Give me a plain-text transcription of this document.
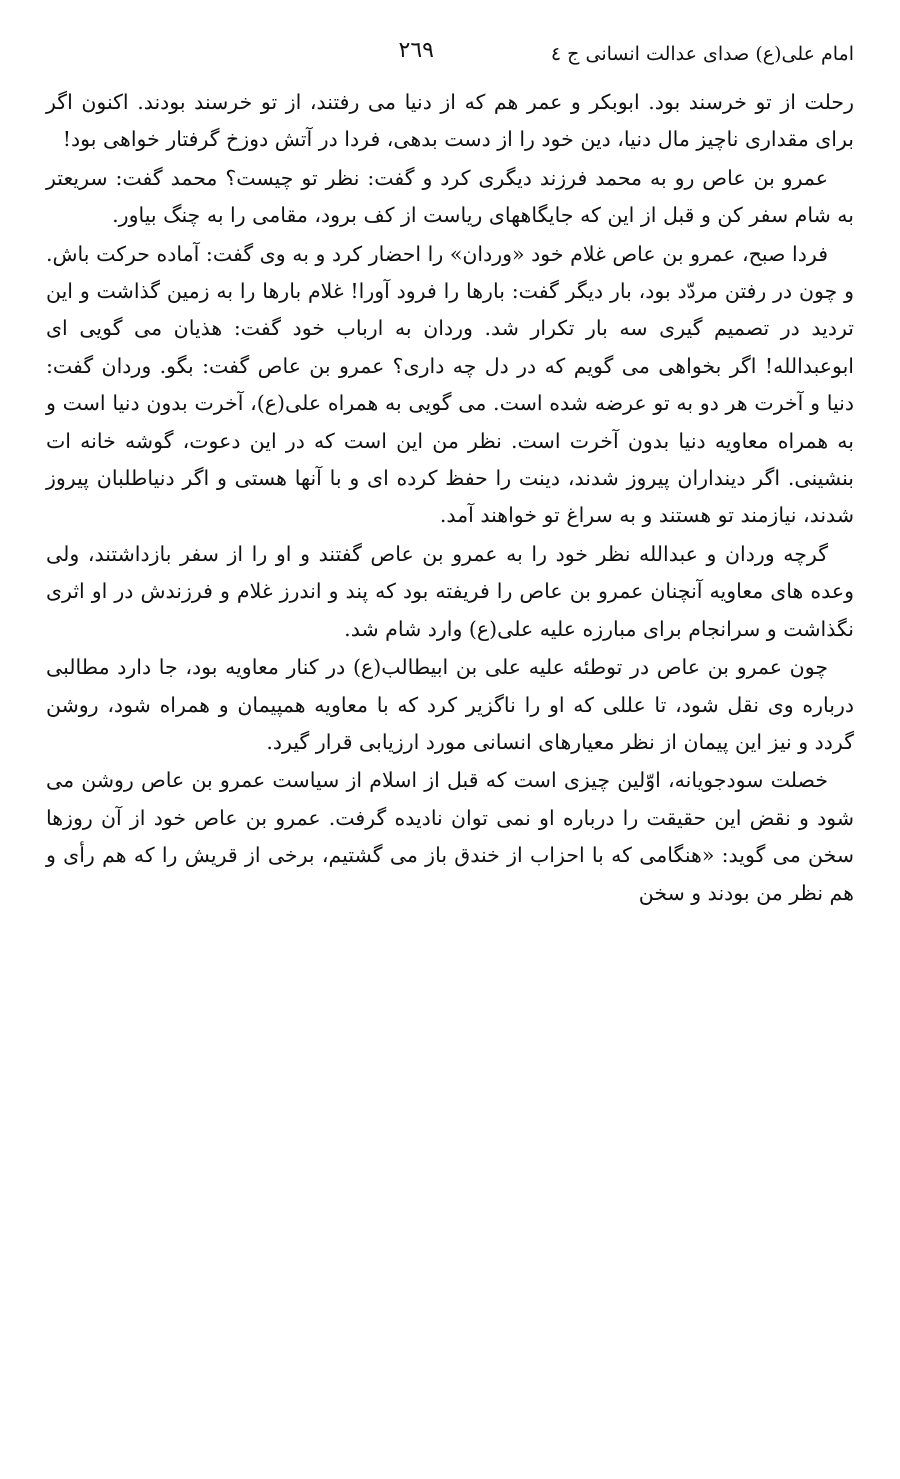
امام علی(ع) صدای عدالت انسانی ج ٤
٢٦٩

رحلت از تو خرسند بود. ابوبکر و عمر هم که از دنیا می رفتند، از تو خرسند بودند. اکنون اگر برای مقداری ناچیز مال دنیا، دین خود را از دست بدهی، فردا در آتش دوزخ گرفتار خواهی بود!

عمرو بن عاص رو به محمد فرزند دیگری کرد و گفت: نظر تو چیست؟ محمد گفت: سریعتر به شام سفر کن و قبل از این که جایگاههای ریاست از کف برود، مقامی را به چنگ بیاور.

فردا صبح، عمرو بن عاص غلام خود «وردان» را احضار کرد و به وی گفت: آماده حرکت باش. و چون در رفتن مردّد بود، بار دیگر گفت: بارها را فرود آورا! غلام بارها را به زمین گذاشت و این تردید در تصمیم گیری سه بار تکرار شد. وردان به ارباب خود گفت: هذیان می گویی ای ابوعبدالله! اگر بخواهی می گویم که در دل چه داری؟ عمرو بن عاص گفت: بگو. وردان گفت: دنیا و آخرت هر دو به تو عرضه شده است. می گویی به همراه علی(ع)، آخرت بدون دنیا است و به همراه معاویه دنیا بدون آخرت است. نظر من این است که در این دعوت، گوشه خانه ات بنشینی. اگر دینداران پیروز شدند، دینت را حفظ کرده ای و با آنها هستی و اگر دنیاطلبان پیروز شدند، نیازمند تو هستند و به سراغ تو خواهند آمد.

گرچه وردان و عبدالله نظر خود را به عمرو بن عاص گفتند و او را از سفر بازداشتند، ولی وعده های معاویه آنچنان عمرو بن عاص را فریفته بود که پند و اندرز غلام و فرزندش در او اثری نگذاشت و سرانجام برای مبارزه علیه علی(ع) وارد شام شد.

چون عمرو بن عاص در توطئه علیه علی بن ابیطالب(ع) در کنار معاویه بود، جا دارد مطالبی درباره وی نقل شود، تا عللی که او را ناگزیر کرد که با معاویه همپیمان و همراه شود، روشن گردد و نیز این پیمان از نظر معیارهای انسانی مورد ارزیابی قرار گیرد.

خصلت سودجویانه، اوّلین چیزی است که قبل از اسلام از سیاست عمرو بن عاص روشن می شود و نقض این حقیقت را درباره او نمی توان نادیده گرفت. عمرو بن عاص خود از آن روزها سخن می گوید: «هنگامی که با احزاب از خندق باز می گشتیم، برخی از قریش را که هم رأی و هم نظر من بودند و سخن
